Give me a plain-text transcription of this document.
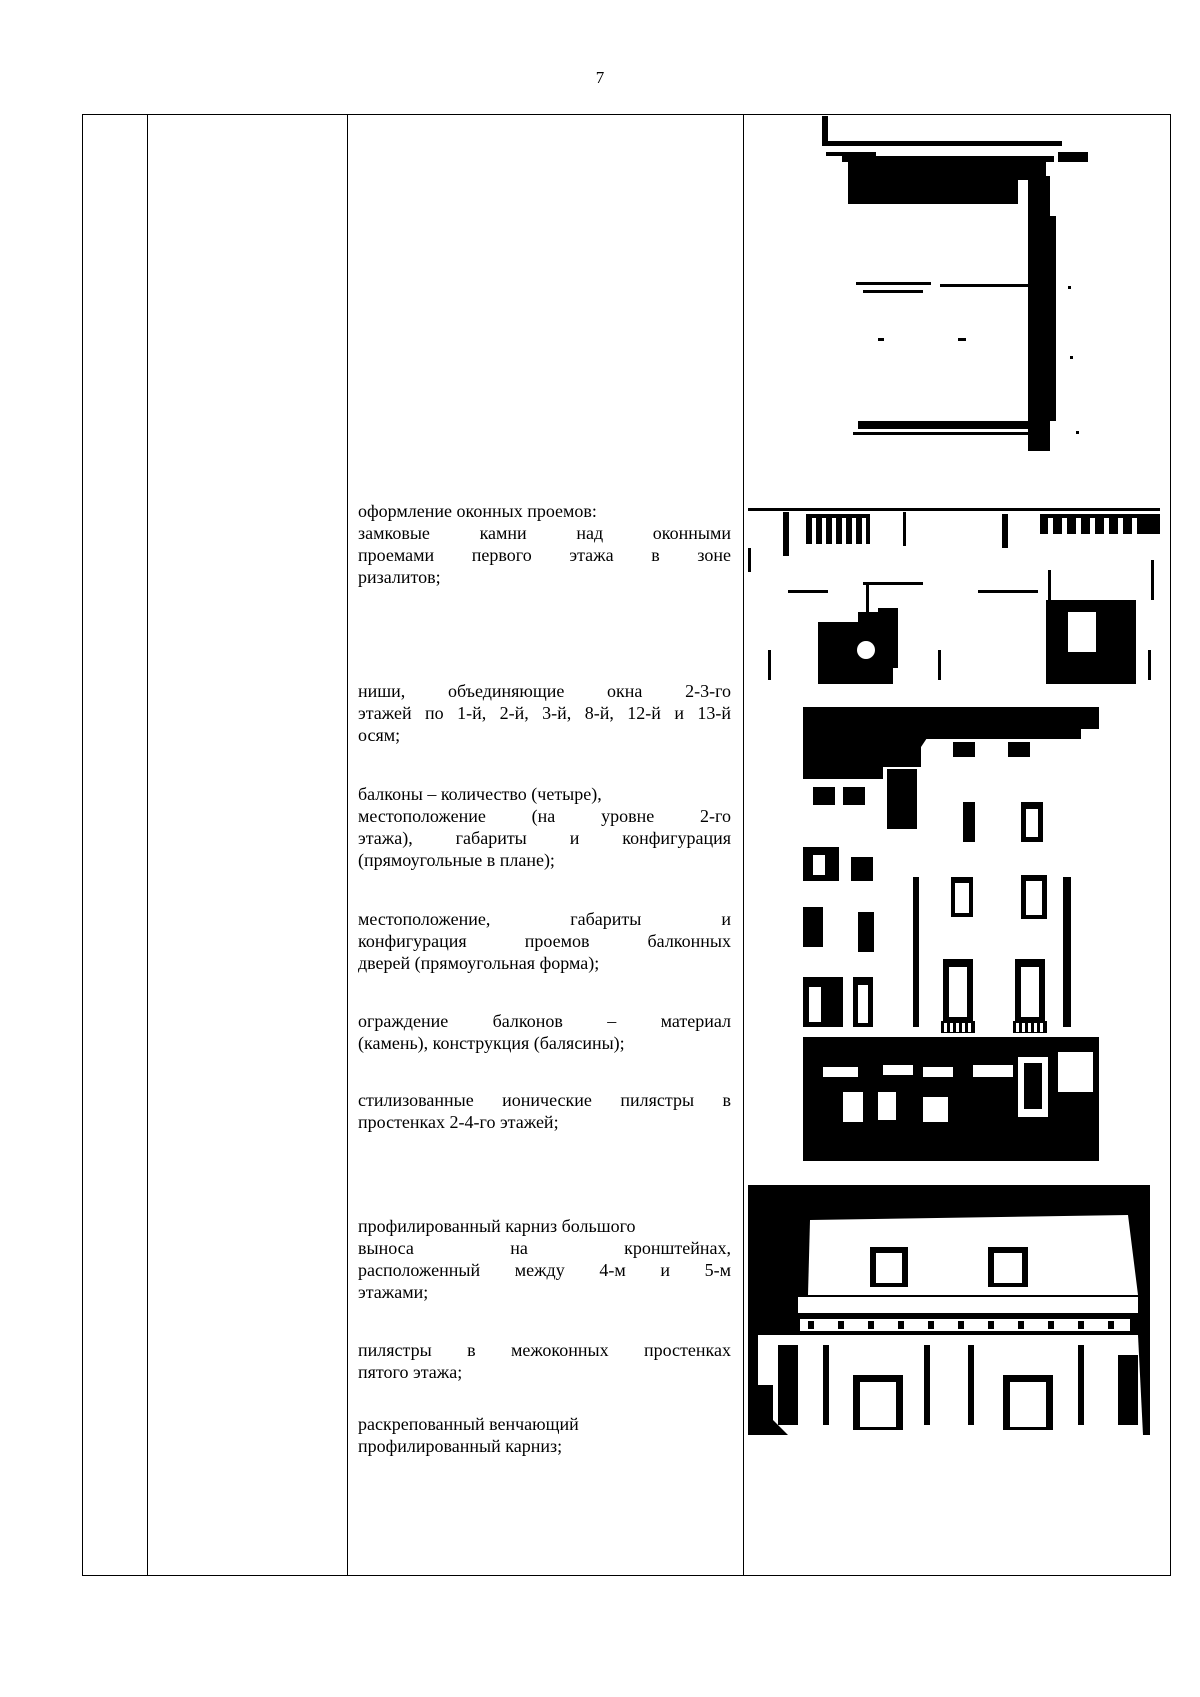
7
оформление оконных проемов:
замковые камни над оконными
проемами первого этажа в зоне
ризалитов;
ниши, объединяющие окна 2-3-го
этажей по 1-й, 2-й, 3-й, 8-й, 12-й и 13-й
осям;
балконы – количество (четыре),
местоположение (на уровне 2-го
этажа), габариты и конфигурация
(прямоугольные в плане);
местоположение, габариты и
конфигурация проемов балконных
дверей (прямоугольная форма);
ограждение балконов – материал
(камень), конструкция (балясины);
стилизованные ионические пилястры в
простенках 2-4-го этажей;
профилированный карниз большого
выноса на кронштейнах,
расположенный между 4-м и 5-м
этажами;
пилястры в межоконных простенках
пятого этажа;
раскрепованный венчающий
профилированный карниз;
